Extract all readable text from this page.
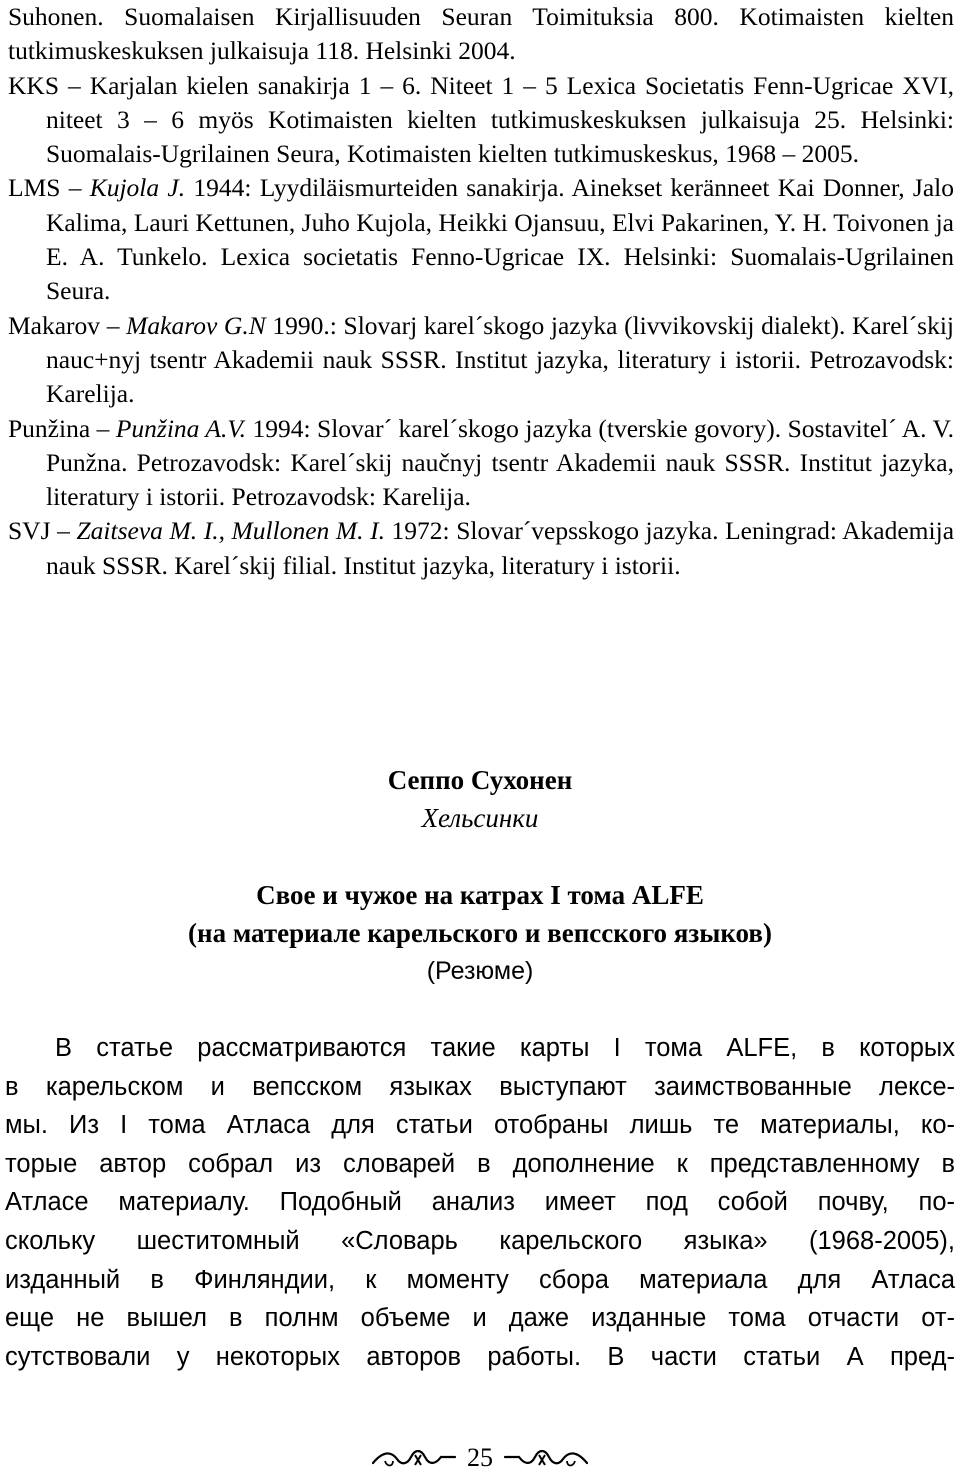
Suhonen. Suomalaisen Kirjallisuuden Seuran Toimituksia 800. Kotimaisten kielten tutkimuskeskuksen julkaisuja 118. Helsinki 2004.

KKS – Karjalan kielen sanakirja 1 – 6. Niteet 1 – 5 Lexica Societatis Fenn-Ugricae XVI, niteet 3 – 6 myös Kotimaisten kielten tutkimuskeskuksen julkaisuja 25. Helsinki: Suomalais-Ugrilainen Seura, Kotimaisten kielten tutkimuskeskus, 1968 – 2005.

LMS – Kujola J. 1944: Lyydiläismurteiden sanakirja. Ainekset keränneet Kai Donner, Jalo Kalima, Lauri Kettunen, Juho Kujola, Heikki Ojansuu, Elvi Pakarinen, Y. H. Toivonen ja E. A. Tunkelo. Lexica societatis Fenno-Ugricae IX. Helsinki: Suomalais-Ugrilainen Seura.

Makarov – Makarov G.N 1990.: Slovarj karel´skogo jazyka (livvikovskij dialekt). Karel´skij nauc+nyj tsentr Akademii nauk SSSR. Institut jazyka, literatury i istorii. Petrozavodsk: Karelija.

Punžina – Punžina A.V. 1994: Slovar´ karel´skogo jazyka (tverskie govory). Sostavitel´ A. V. Punžna. Petrozavodsk: Karel´skij naučnyj tsentr Akademii nauk SSSR. Institut jazyka, literatury i istorii. Petrozavodsk: Karelija.

SVJ – Zaitseva M. I., Mullonen M. I. 1972: Slovar´vepsskogo jazyka. Leningrad: Akademija nauk SSSR. Karel´skij filial. Institut jazyka, literatury i istorii.

Сеппо Сухонен
Хельсинки
Свое и чужое на катрах I тома ALFE
(на материале карельского и вепсского языков)
(Резюме)
В статье рассматриваются такие карты I тома ALFE, в которых
в карельском и вепсском языках выступают заимствованные лексе-
мы. Из I тома Атласа для статьи отобраны лишь те материалы, ко-
торые автор собрал из словарей в дополнение к представленному в
Атласе материалу. Подобный анализ имеет под собой почву, по-
скольку шеститомный «Словарь карельского языка» (1968-2005),
изданный в Финляндии, к моменту сбора материала для Атласа
еще не вышел в полнм объеме и даже изданные тома отчасти от-
сутствовали у некоторых авторов работы. В части статьи А пред-
25
